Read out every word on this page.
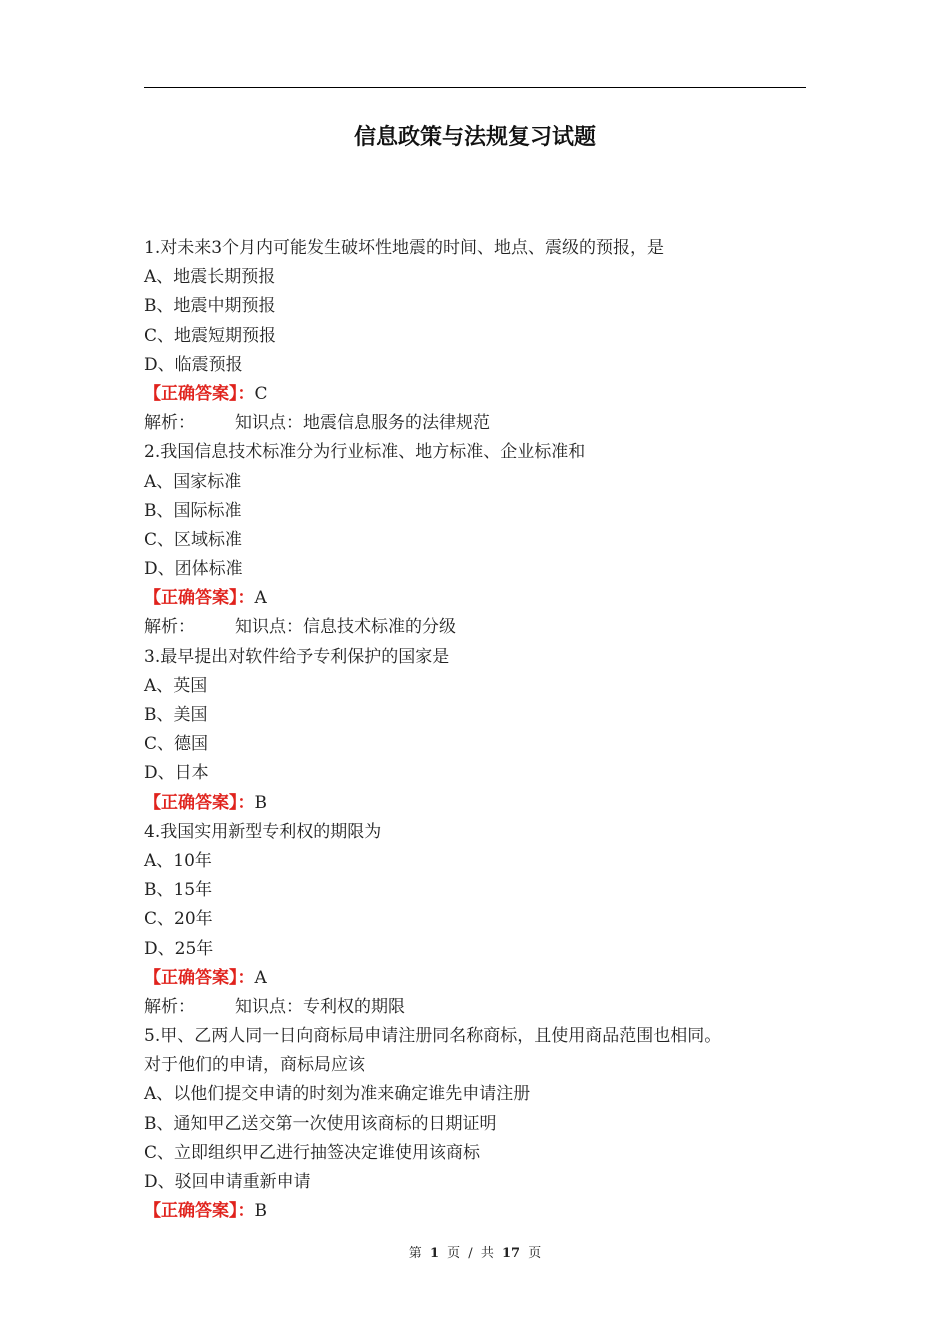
信息政策与法规复习试题
1.对未来3个月内可能发生破坏性地震的时间、地点、震级的预报，是
A、地震长期预报
B、地震中期预报
C、地震短期预报
D、临震预报
【正确答案】：C
解析： 知识点：地震信息服务的法律规范
2.我国信息技术标准分为行业标准、地方标准、企业标准和
A、国家标准
B、国际标准
C、区域标准
D、团体标准
【正确答案】：A
解析： 知识点：信息技术标准的分级
3.最早提出对软件给予专利保护的国家是
A、英国
B、美国
C、德国
D、日本
【正确答案】：B
4.我国实用新型专利权的期限为
A、10年
B、15年
C、20年
D、25年
【正确答案】：A
解析： 知识点：专利权的期限
5.甲、乙两人同一日向商标局申请注册同名称商标，且使用商品范围也相同。
对于他们的申请，商标局应该
A、以他们提交申请的时刻为准来确定谁先申请注册
B、通知甲乙送交第一次使用该商标的日期证明
C、立即组织甲乙进行抽签决定谁使用该商标
D、驳回申请重新申请
【正确答案】：B
第 1 页 / 共 17 页
